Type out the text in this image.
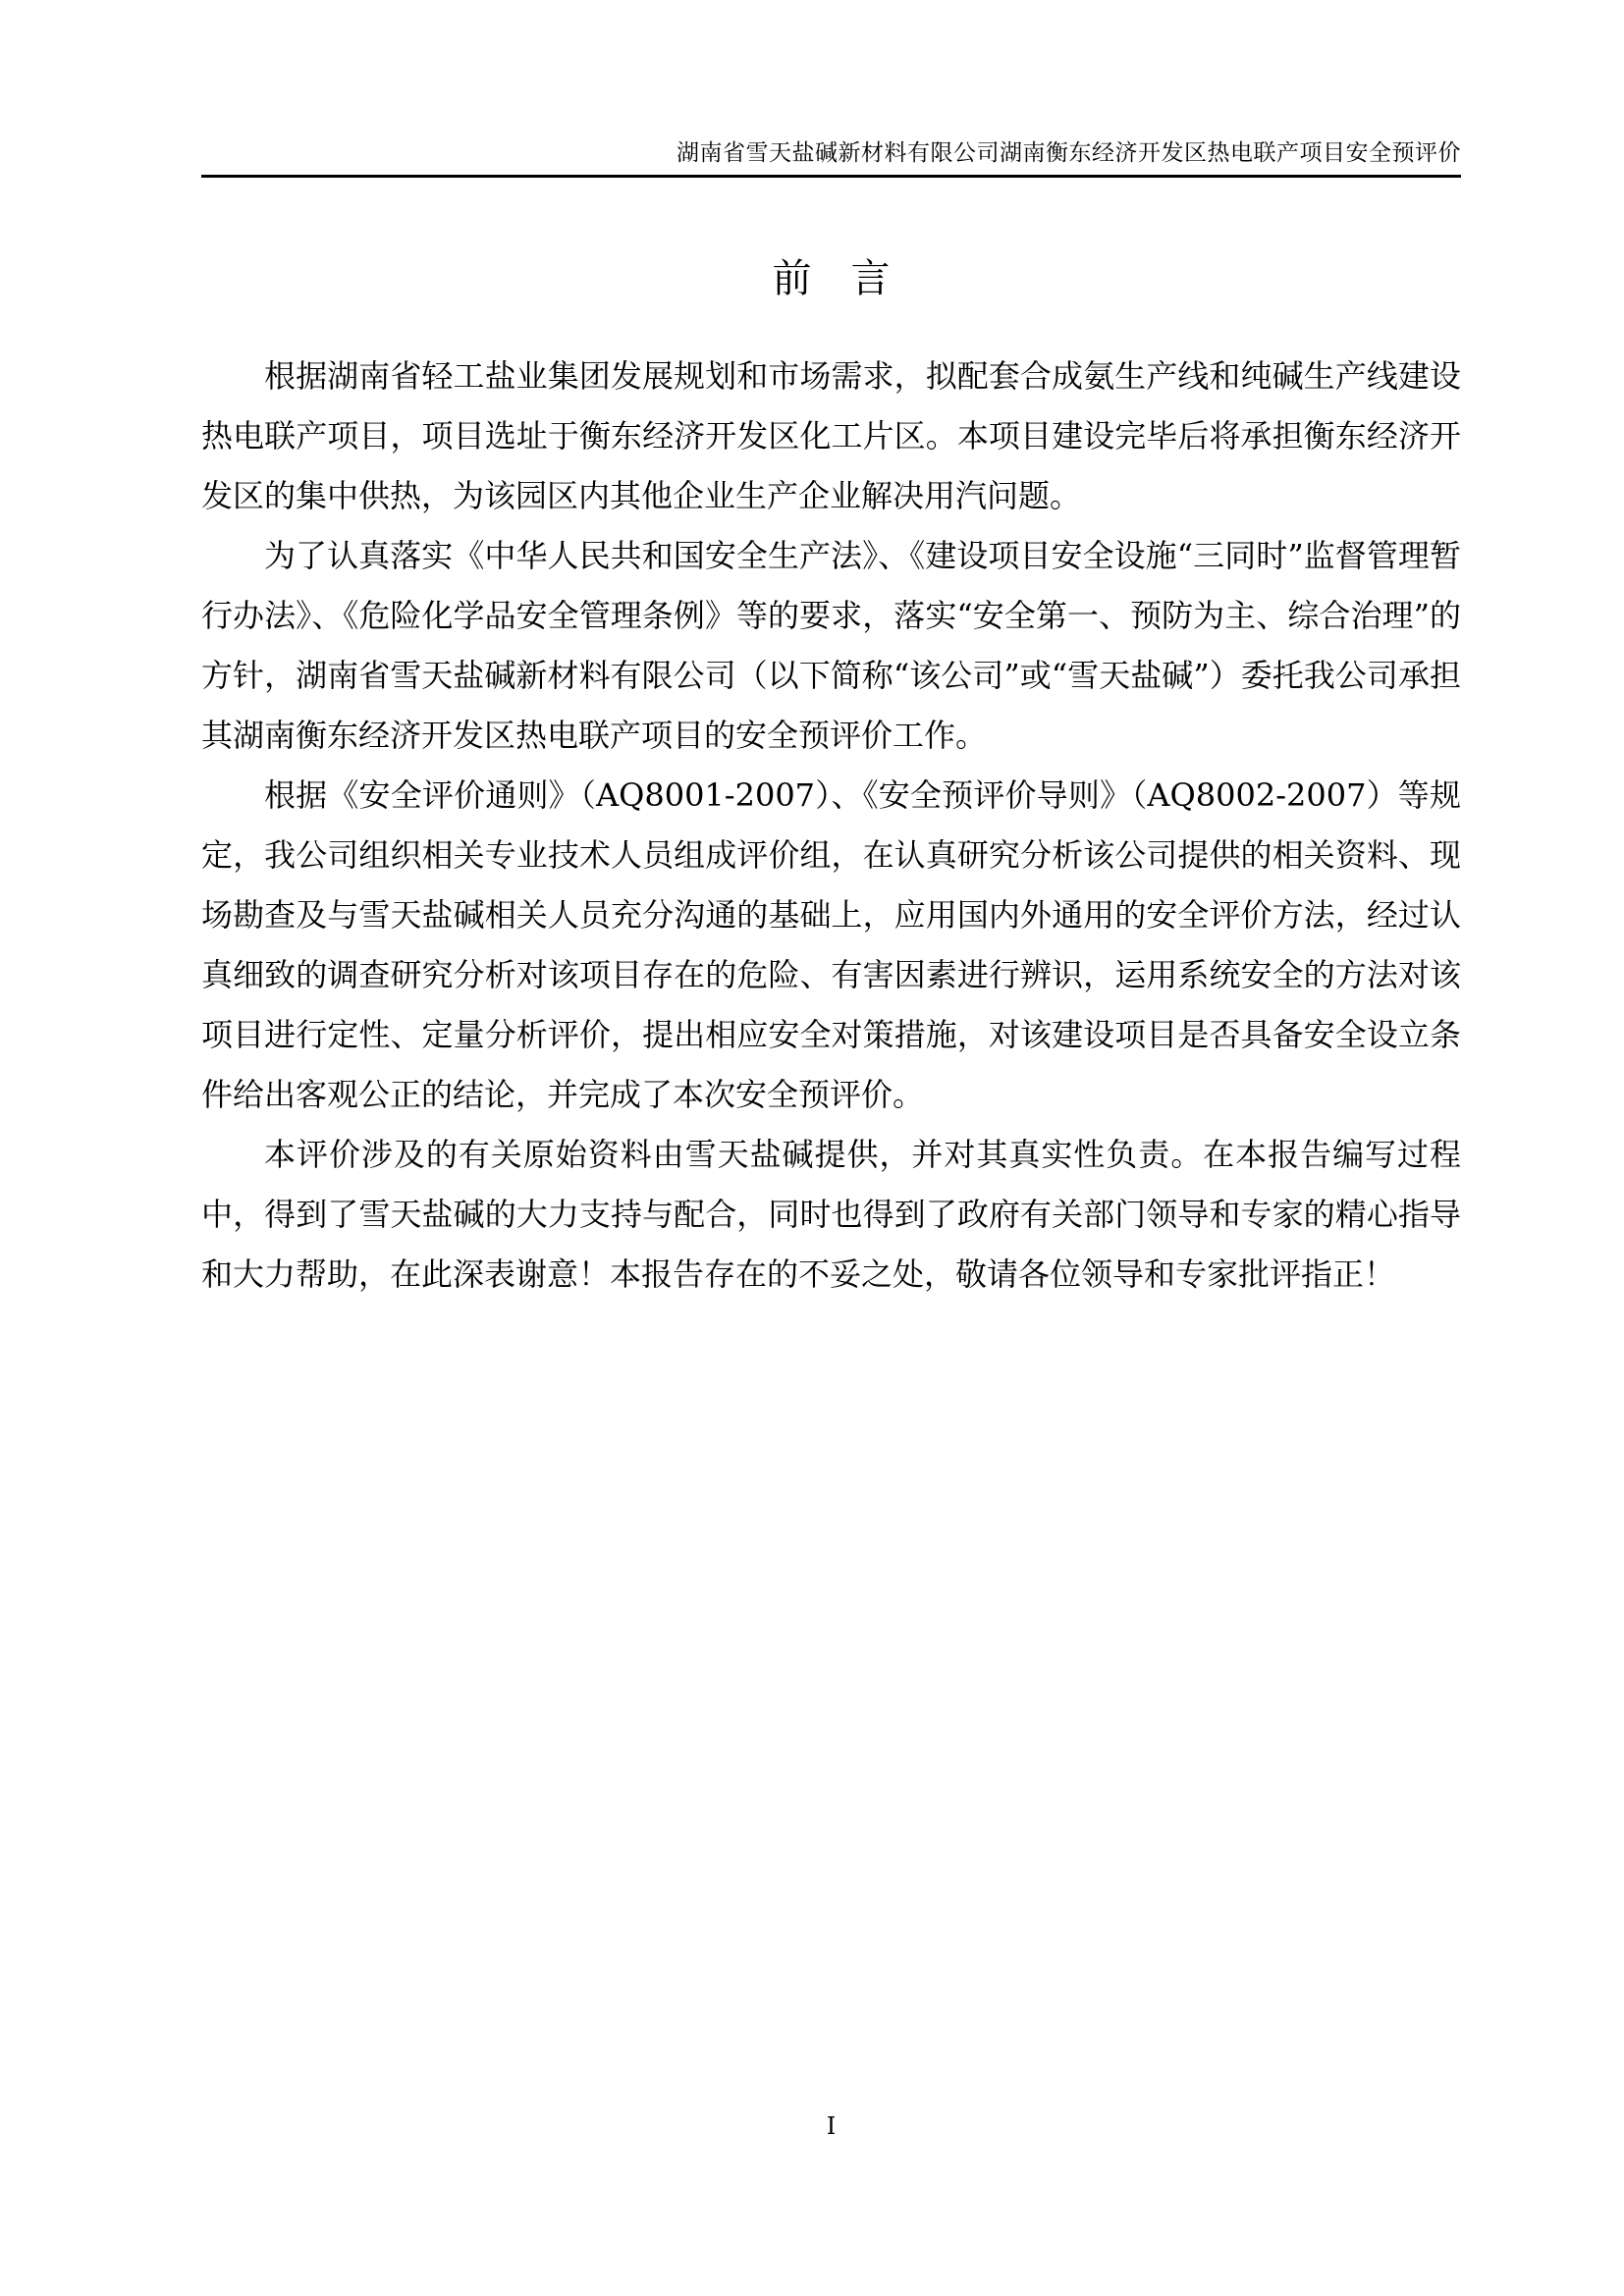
湖南省雪天盐碱新材料有限公司湖南衡东经济开发区热电联产项目安全预评价
前言

根据湖南省轻工盐业集团发展规划和市场需求，拟配套合成氨生产线和纯碱生产线建设热电联产项目，项目选址于衡东经济开发区化工片区。本项目建设完毕后将承担衡东经济开发区的集中供热，为该园区内其他企业生产企业解决用汽问题。

为了认真落实《中华人民共和国安全生产法》、《建设项目安全设施“三同时”监督管理暂行办法》、《危险化学品安全管理条例》等的要求，落实“安全第一、预防为主、综合治理”的方针，湖南省雪天盐碱新材料有限公司（以下简称“该公司”或“雪天盐碱”）委托我公司承担其湖南衡东经济开发区热电联产项目的安全预评价工作。

根据《安全评价通则》（AQ8001-2007）、《安全预评价导则》（AQ8002-2007）等规定，我公司组织相关专业技术人员组成评价组，在认真研究分析该公司提供的相关资料、现场勘查及与雪天盐碱相关人员充分沟通的基础上，应用国内外通用的安全评价方法，经过认真细致的调查研究分析对该项目存在的危险、有害因素进行辨识，运用系统安全的方法对该项目进行定性、定量分析评价，提出相应安全对策措施，对该建设项目是否具备安全设立条件给出客观公正的结论，并完成了本次安全预评价。

本评价涉及的有关原始资料由雪天盐碱提供，并对其真实性负责。在本报告编写过程中，得到了雪天盐碱的大力支持与配合，同时也得到了政府有关部门领导和专家的精心指导和大力帮助，在此深表谢意！本报告存在的不妥之处，敬请各位领导和专家批评指正！

I
